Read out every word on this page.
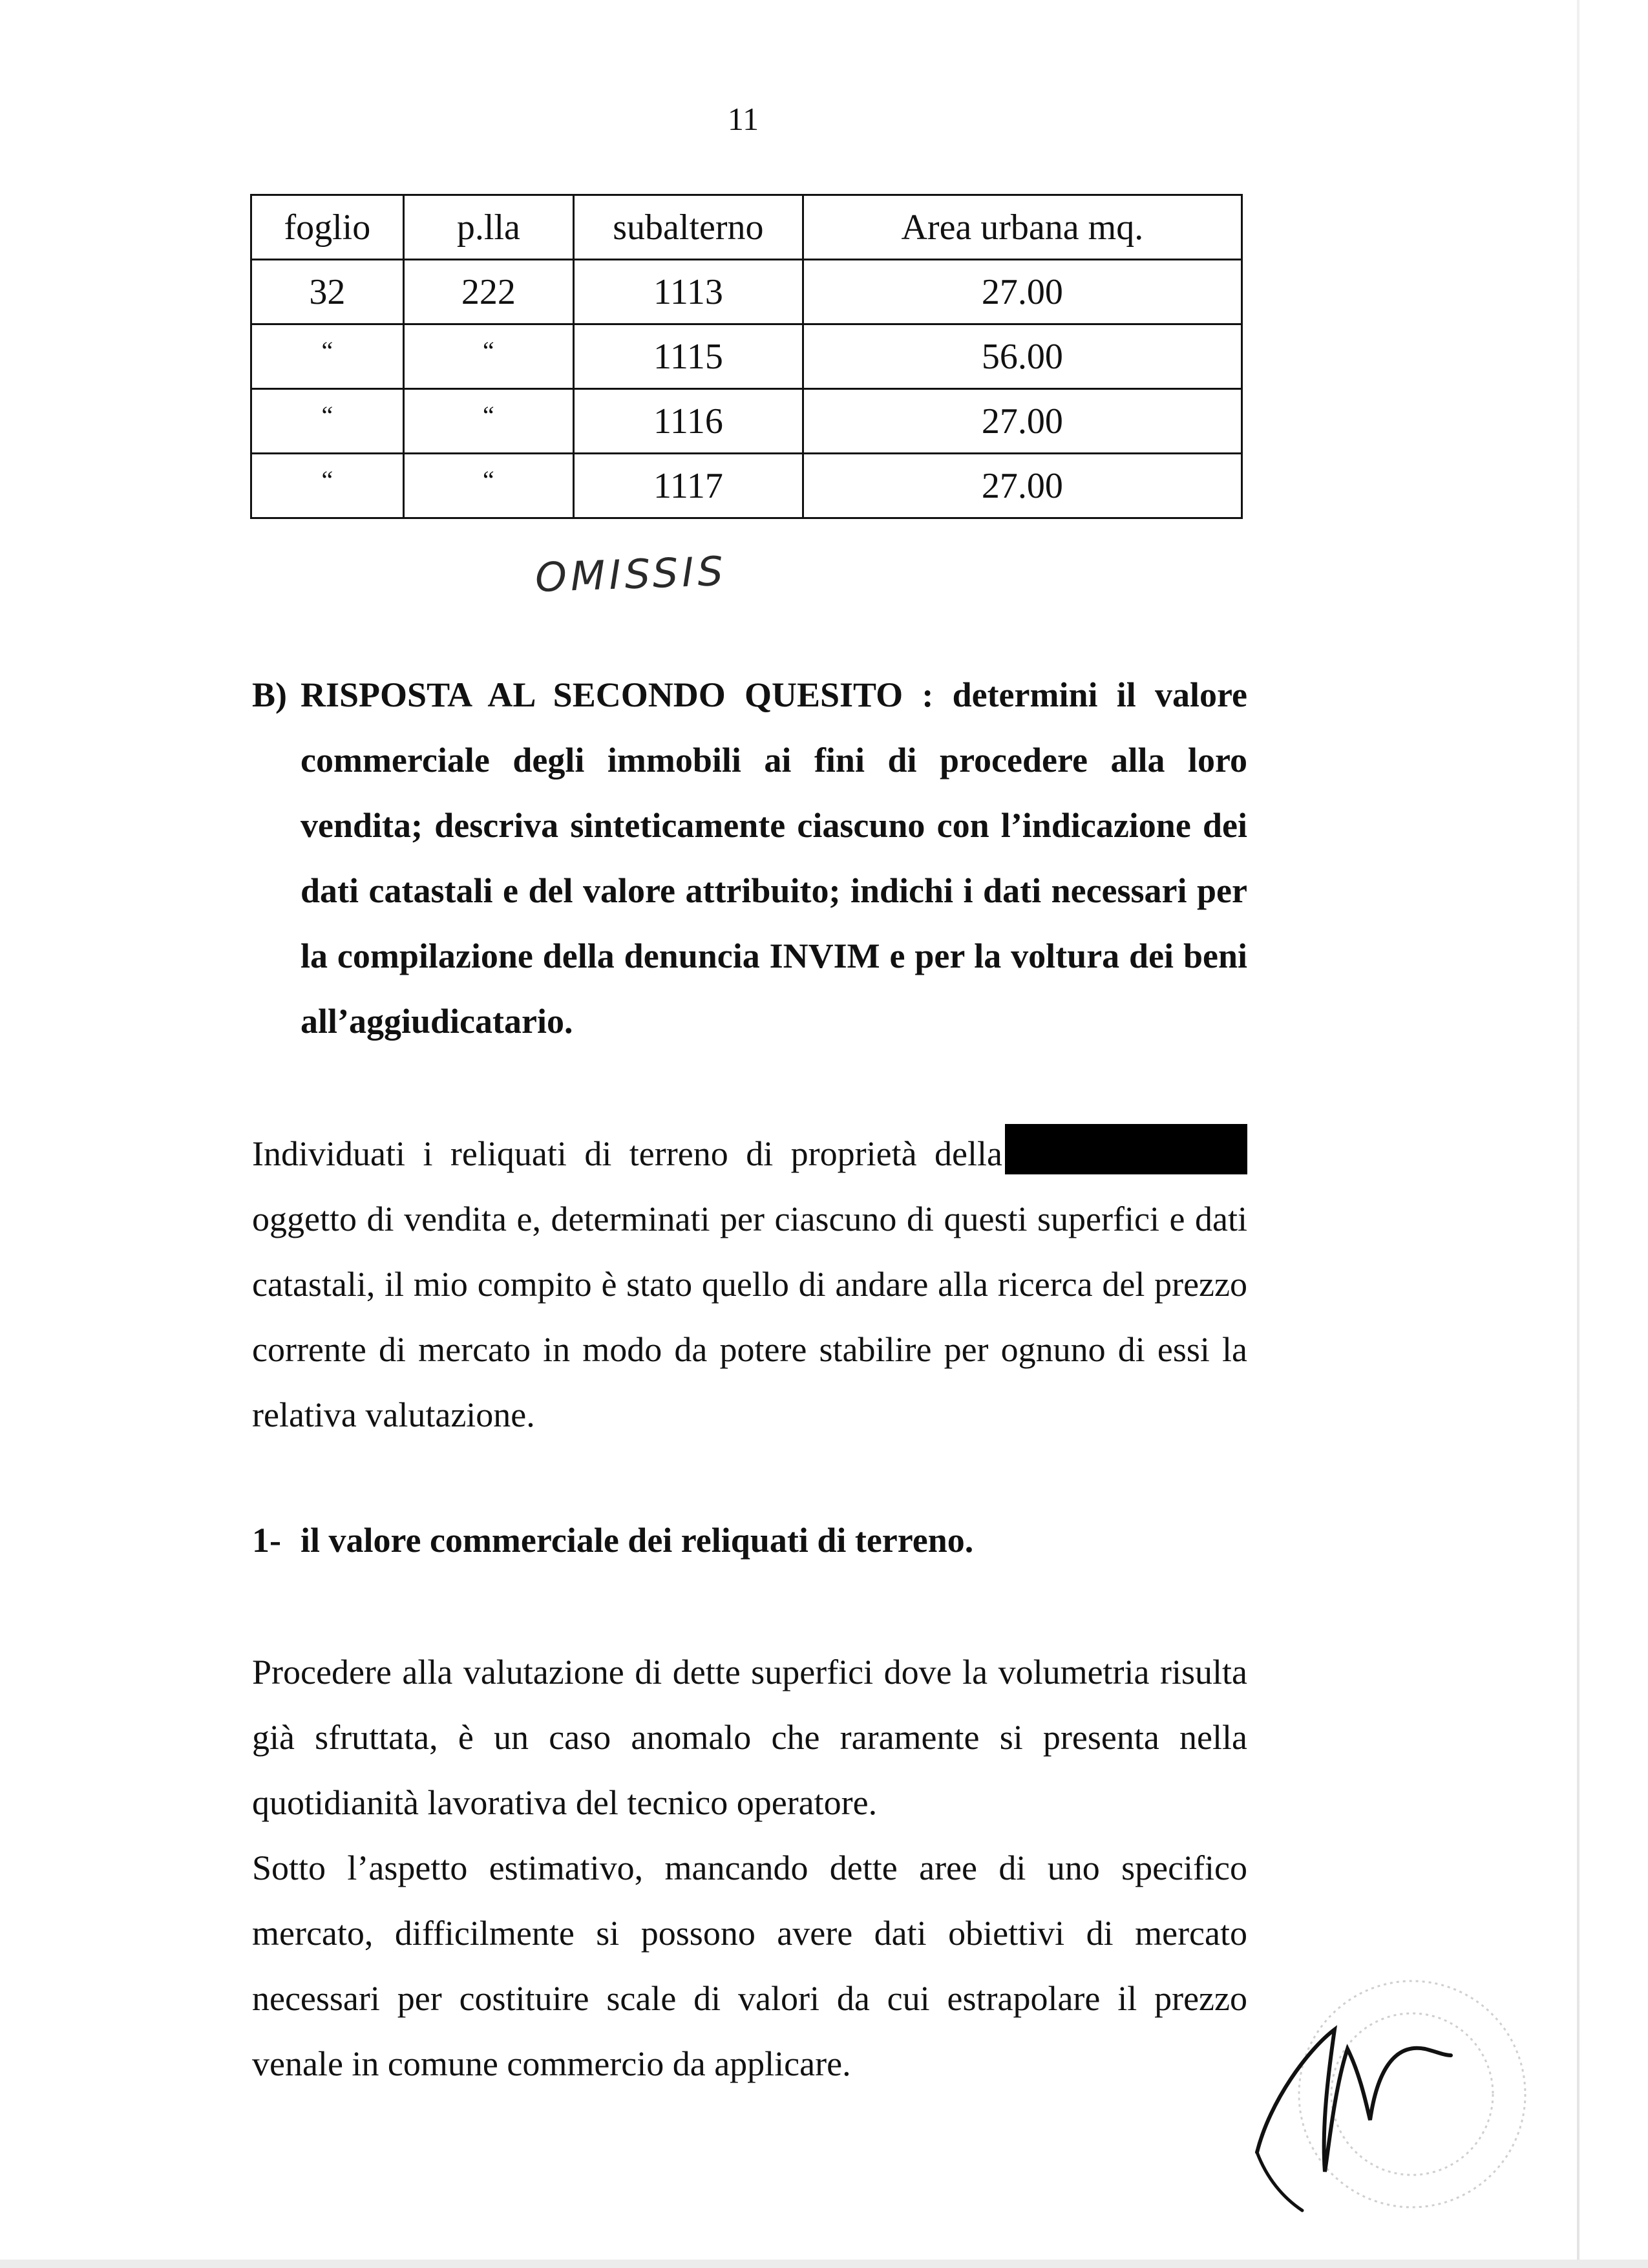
11
foglio	p.lla	subalterno	Area urbana mq.
32	222	1113	27.00
“	“	1115	56.00
“	“	1116	27.00
“	“	1117	27.00
OMISSIS
B) RISPOSTA AL SECONDO QUESITO : determini il valore commerciale degli immobili ai fini di procedere alla loro vendita; descriva sinteticamente ciascuno con l’indicazione dei dati catastali e del valore attribuito; indichi i dati necessari per la compilazione della denuncia INVIM e per la voltura dei beni all’aggiudicatario.
Individuati i reliquati di terreno di proprietà della oggetto di vendita e, determinati per ciascuno di questi superfici e dati catastali, il mio compito è stato quello di andare alla ricerca del prezzo corrente di mercato in modo da potere stabilire per ognuno di essi la relativa valutazione.
1- il valore commerciale dei reliquati di terreno.
Procedere alla valutazione di dette superfici dove la volumetria risulta già sfruttata, è un caso anomalo che raramente si presenta nella quotidianità lavorativa del tecnico operatore.
Sotto l’aspetto estimativo, mancando dette aree di uno specifico mercato, difficilmente si possono avere dati obiettivi di mercato necessari per costituire scale di valori da cui estrapolare il prezzo venale in comune commercio da applicare.
